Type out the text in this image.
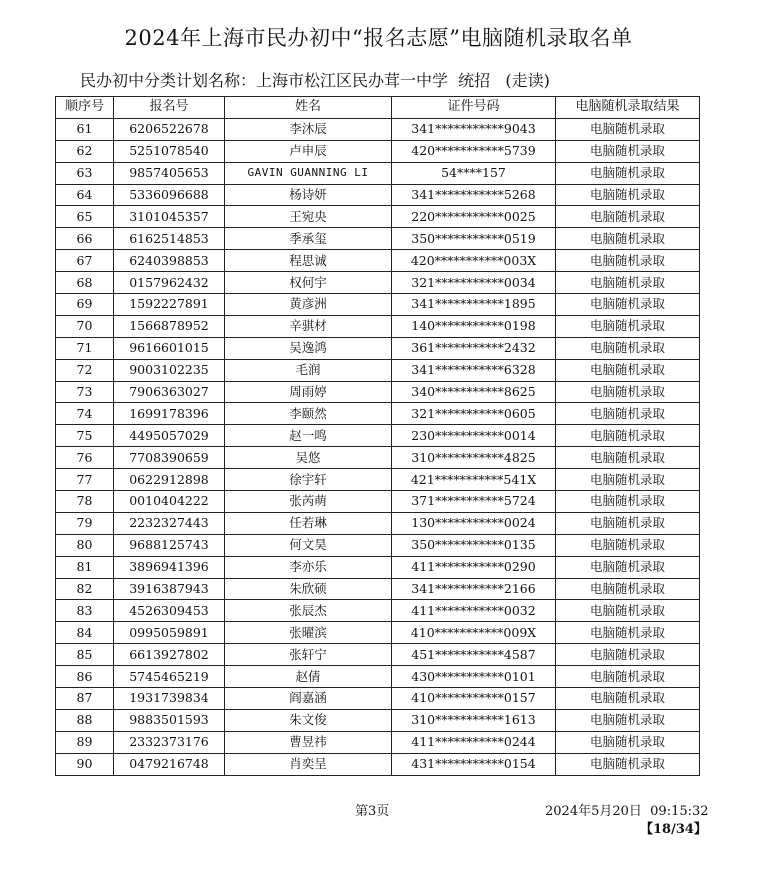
2024年上海市民办初中“报名志愿”电脑随机录取名单
民办初中分类计划名称：上海市松江区民办茸一中学  统招   (走读)
顺序号	报名号	姓名	证件号码	电脑随机录取结果
61	6206522678	李沐辰	341***********9043	电脑随机录取
62	5251078540	卢申辰	420***********5739	电脑随机录取
63	9857405653	GAVIN GUANNING LI	54****157	电脑随机录取
64	5336096688	杨诗妍	341***********5268	电脑随机录取
65	3101045357	王宛央	220***********0025	电脑随机录取
66	6162514853	季承玺	350***********0519	电脑随机录取
67	6240398853	程思诚	420***********003X	电脑随机录取
68	0157962432	权何宇	321***********0034	电脑随机录取
69	1592227891	黄彦洲	341***********1895	电脑随机录取
70	1566878952	辛骐材	140***********0198	电脑随机录取
71	9616601015	吴逸鸿	361***********2432	电脑随机录取
72	9003102235	毛润	341***********6328	电脑随机录取
73	7906363027	周雨婷	340***********8625	电脑随机录取
74	1699178396	李颐然	321***********0605	电脑随机录取
75	4495057029	赵一鸣	230***********0014	电脑随机录取
76	7708390659	吴悠	310***********4825	电脑随机录取
77	0622912898	徐宇轩	421***********541X	电脑随机录取
78	0010404222	张芮萌	371***********5724	电脑随机录取
79	2232327443	任若琳	130***********0024	电脑随机录取
80	9688125743	何文昊	350***********0135	电脑随机录取
81	3896941396	李亦乐	411***********0290	电脑随机录取
82	3916387943	朱欣硕	341***********2166	电脑随机录取
83	4526309453	张辰杰	411***********0032	电脑随机录取
84	0995059891	张曜滨	410***********009X	电脑随机录取
85	6613927802	张轩宁	451***********4587	电脑随机录取
86	5745465219	赵倩	430***********0101	电脑随机录取
87	1931739834	阎嘉涵	410***********0157	电脑随机录取
88	9883501593	朱文俊	310***********1613	电脑随机录取
89	2332373176	曹昱祎	411***********0244	电脑随机录取
90	0479216748	肖奕呈	431***********0154	电脑随机录取
第3页	2024年5月20日  09:15:32
【18/34】
